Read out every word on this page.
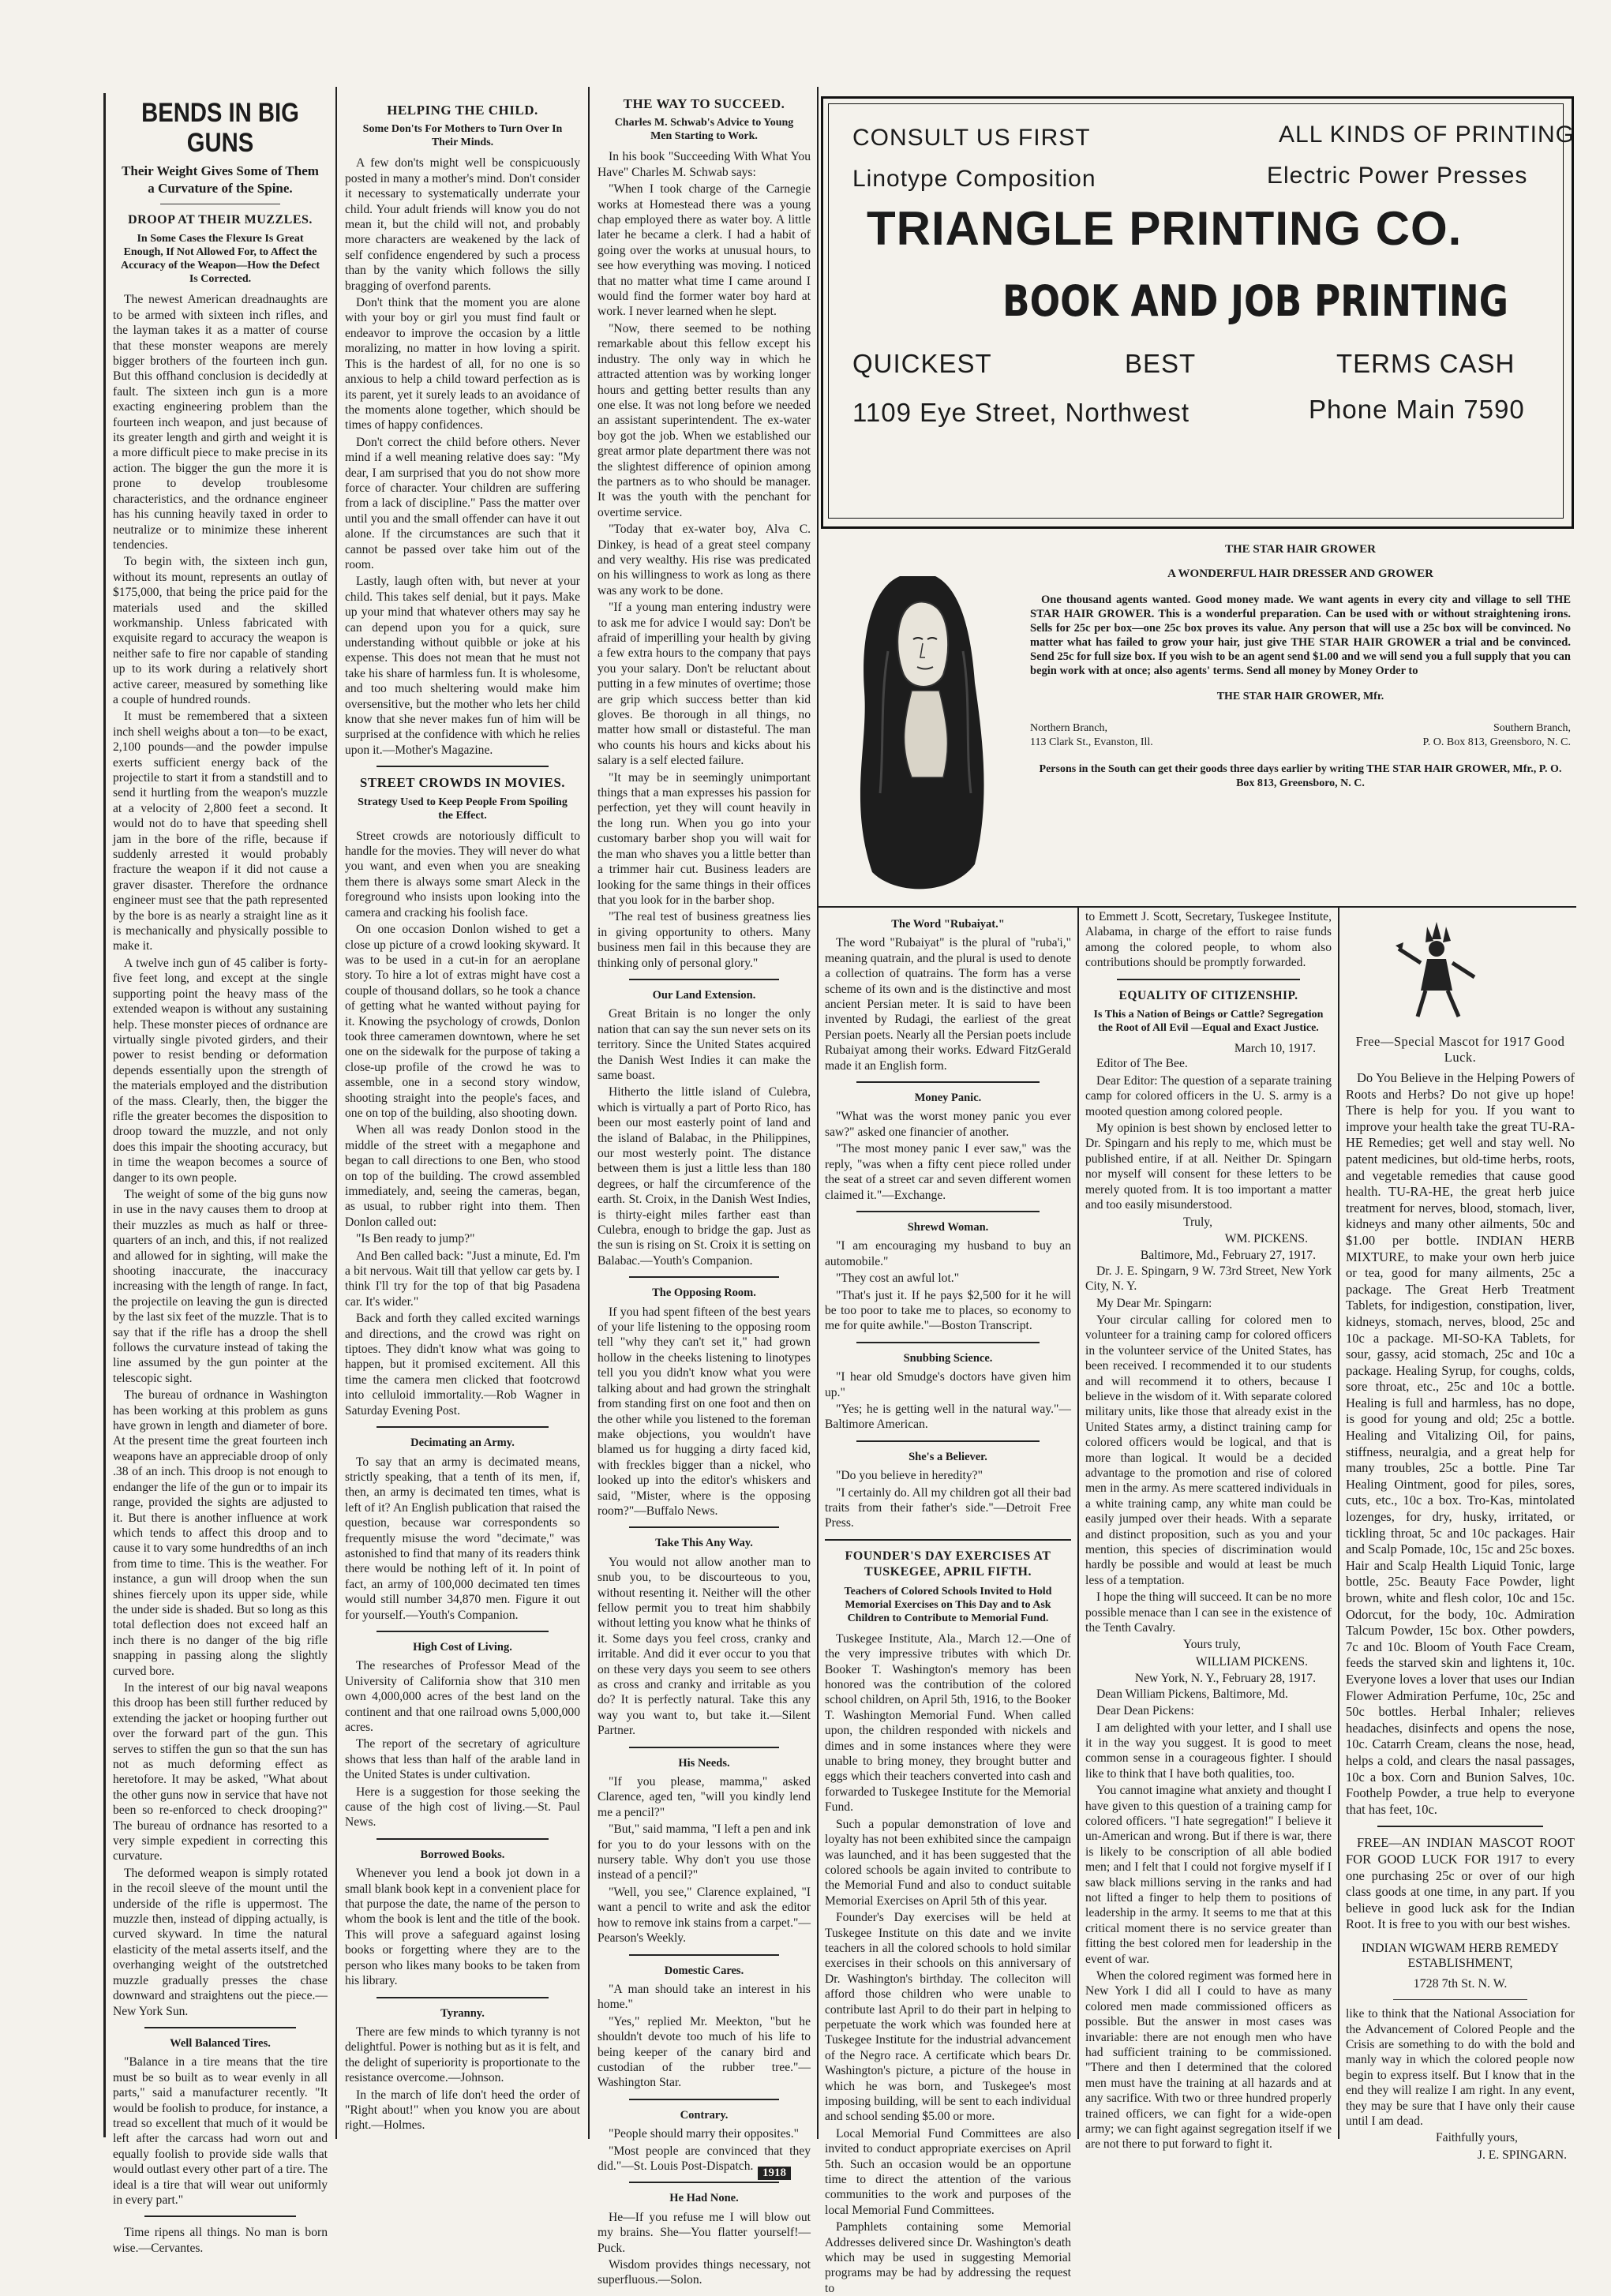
BENDS IN BIG GUNS
Their Weight Gives Some of Them a Curvature of the Spine.
DROOP AT THEIR MUZZLES.
In Some Cases the Flexure Is Great Enough, If Not Allowed For, to Affect the Accuracy of the Weapon—How the Defect Is Corrected.

The newest American dreadnaughts are to be armed with sixteen inch rifles, and the layman takes it as a matter of course that these monster weapons are merely bigger brothers of the fourteen inch gun. But this offhand conclusion is decidedly at fault. The sixteen inch gun is a more exacting engineering problem than the fourteen inch weapon, and just because of its greater length and girth and weight it is a more difficult piece to make precise in its action. The bigger the gun the more it is prone to develop troublesome characteristics, and the ordnance engineer has his cunning heavily taxed in order to neutralize or to minimize these inherent tendencies.

To begin with, the sixteen inch gun, without its mount, represents an outlay of $175,000, that being the price paid for the materials used and the skilled workmanship. Unless fabricated with exquisite regard to accuracy the weapon is neither safe to fire nor capable of standing up to its work during a relatively short active career, measured by something like a couple of hundred rounds.

It must be remembered that a sixteen inch shell weighs about a ton—to be exact, 2,100 pounds—and the powder impulse exerts sufficient energy back of the projectile to start it from a standstill and to send it hurtling from the weapon's muzzle at a velocity of 2,800 feet a second. It would not do to have that speeding shell jam in the bore of the rifle, because if suddenly arrested it would probably fracture the weapon if it did not cause a graver disaster. Therefore the ordnance engineer must see that the path represented by the bore is as nearly a straight line as it is mechanically and physically possible to make it.

A twelve inch gun of 45 caliber is forty-five feet long, and except at the single supporting point the heavy mass of the extended weapon is without any sustaining help. These monster pieces of ordnance are virtually single pivoted girders, and their power to resist bending or deformation depends essentially upon the strength of the materials employed and the distribution of the mass. Clearly, then, the bigger the rifle the greater becomes the disposition to droop toward the muzzle, and not only does this impair the shooting accuracy, but in time the weapon becomes a source of danger to its own people.

The weight of some of the big guns now in use in the navy causes them to droop at their muzzles as much as half or three-quarters of an inch, and this, if not realized and allowed for in sighting, will make the shooting inaccurate, the inaccuracy increasing with the length of range. In fact, the projectile on leaving the gun is directed by the last six feet of the muzzle. That is to say that if the rifle has a droop the shell follows the curvature instead of taking the line assumed by the gun pointer at the telescopic sight.

The bureau of ordnance in Washington has been working at this problem as guns have grown in length and diameter of bore. At the present time the great fourteen inch weapons have an appreciable droop of only .38 of an inch. This droop is not enough to endanger the life of the gun or to impair its range, provided the sights are adjusted to it. But there is another influence at work which tends to affect this droop and to cause it to vary some hundredths of an inch from time to time. This is the weather. For instance, a gun will droop when the sun shines fiercely upon its upper side, while the under side is shaded. But so long as this total deflection does not exceed half an inch there is no danger of the big rifle snapping in passing along the slightly curved bore.

In the interest of our big naval weapons this droop has been still further reduced by extending the jacket or hooping further out over the forward part of the gun. This serves to stiffen the gun so that the sun has not as much deforming effect as heretofore. It may be asked, "What about the other guns now in service that have not been so re-enforced to check drooping?" The bureau of ordnance has resorted to a very simple expedient in correcting this curvature.

The deformed weapon is simply rotated in the recoil sleeve of the mount until the underside of the rifle is uppermost. The muzzle then, instead of dipping actually, is curved skyward. In time the natural elasticity of the metal asserts itself, and the overhanging weight of the outstretched muzzle gradually presses the chase downward and straightens out the piece.—New York Sun.

Well Balanced Tires.

"Balance in a tire means that the tire must be so built as to wear evenly in all parts," said a manufacturer recently. "It would be foolish to produce, for instance, a tread so excellent that much of it would be left after the carcass had worn out and equally foolish to provide side walls that would outlast every other part of a tire. The ideal is a tire that will wear out uniformly in every part."

Time ripens all things. No man is born wise.—Cervantes.

HELPING THE CHILD.
Some Don'ts For Mothers to Turn Over In Their Minds.

A few don'ts might well be conspicuously posted in many a mother's mind. Don't consider it necessary to systematically underrate your child. Your adult friends will know you do not mean it, but the child will not, and probably more characters are weakened by the lack of self confidence engendered by such a process than by the vanity which follows the silly bragging of overfond parents.

Don't think that the moment you are alone with your boy or girl you must find fault or endeavor to improve the occasion by a little moralizing, no matter in how loving a spirit. This is the hardest of all, for no one is so anxious to help a child toward perfection as is its parent, yet it surely leads to an avoidance of the moments alone together, which should be times of happy confidences.

Don't correct the child before others. Never mind if a well meaning relative does say: "My dear, I am surprised that you do not show more force of character. Your children are suffering from a lack of discipline." Pass the matter over until you and the small offender can have it out alone. If the circumstances are such that it cannot be passed over take him out of the room.

Lastly, laugh often with, but never at your child. This takes self denial, but it pays. Make up your mind that whatever others may say he can depend upon you for a quick, sure understanding without quibble or joke at his expense. This does not mean that he must not take his share of harmless fun. It is wholesome, and too much sheltering would make him oversensitive, but the mother who lets her child know that she never makes fun of him will be surprised at the confidence with which he relies upon it.—Mother's Magazine.

STREET CROWDS IN MOVIES.
Strategy Used to Keep People From Spoiling the Effect.

Street crowds are notoriously difficult to handle for the movies. They will never do what you want, and even when you are sneaking them there is always some smart Aleck in the foreground who insists upon looking into the camera and cracking his foolish face.

On one occasion Donlon wished to get a close up picture of a crowd looking skyward. It was to be used in a cut-in for an aeroplane story. To hire a lot of extras might have cost a couple of thousand dollars, so he took a chance of getting what he wanted without paying for it. Knowing the psychology of crowds, Donlon took three cameramen downtown, where he set one on the sidewalk for the purpose of taking a close-up profile of the crowd he was to assemble, one in a second story window, shooting straight into the people's faces, and one on top of the building, also shooting down.

When all was ready Donlon stood in the middle of the street with a megaphone and began to call directions to one Ben, who stood on top of the building. The crowd assembled immediately, and, seeing the cameras, began, as usual, to rubber right into them. Then Donlon called out:

"Is Ben ready to jump?"

And Ben called back: "Just a minute, Ed. I'm a bit nervous. Wait till that yellow car gets by. I think I'll try for the top of that big Pasadena car. It's wider."

Back and forth they called excited warnings and directions, and the crowd was right on tiptoes. They didn't know what was going to happen, but it promised excitement. All this time the camera men clicked that footcrowd into celluloid immortality.—Rob Wagner in Saturday Evening Post.

Decimating an Army.

To say that an army is decimated means, strictly speaking, that a tenth of its men, if, then, an army is decimated ten times, what is left of it? An English publication that raised the question, because war correspondents so frequently misuse the word "decimate," was astonished to find that many of its readers think there would be nothing left of it. In point of fact, an army of 100,000 decimated ten times would still number 34,870 men. Figure it out for yourself.—Youth's Companion.

High Cost of Living.

The researches of Professor Mead of the University of California show that 310 men own 4,000,000 acres of the best land on the continent and that one railroad owns 5,000,000 acres.

The report of the secretary of agriculture shows that less than half of the arable land in the United States is under cultivation.

Here is a suggestion for those seeking the cause of the high cost of living.—St. Paul News.

Borrowed Books.

Whenever you lend a book jot down in a small blank book kept in a convenient place for that purpose the date, the name of the person to whom the book is lent and the title of the book. This will prove a safeguard against losing books or forgetting where they are to the person who likes many books to be taken from his library.

Tyranny.

There are few minds to which tyranny is not delightful. Power is nothing but as it is felt, and the delight of superiority is proportionate to the resistance overcome.—Johnson.

In the march of life don't heed the order of "Right about!" when you know you are about right.—Holmes.

THE WAY TO SUCCEED.
Charles M. Schwab's Advice to Young Men Starting to Work.

In his book "Succeeding With What You Have" Charles M. Schwab says:

"When I took charge of the Carnegie works at Homestead there was a young chap employed there as water boy. A little later he became a clerk. I had a habit of going over the works at unusual hours, to see how everything was moving. I noticed that no matter what time I came around I would find the former water boy hard at work. I never learned when he slept.

"Now, there seemed to be nothing remarkable about this fellow except his industry. The only way in which he attracted attention was by working longer hours and getting better results than any one else. It was not long before we needed an assistant superintendent. The ex-water boy got the job. When we established our great armor plate department there was not the slightest difference of opinion among the partners as to who should be manager. It was the youth with the penchant for overtime service.

"Today that ex-water boy, Alva C. Dinkey, is head of a great steel company and very wealthy. His rise was predicated on his willingness to work as long as there was any work to be done.

"If a young man entering industry were to ask me for advice I would say: Don't be afraid of imperilling your health by giving a few extra hours to the company that pays you your salary. Don't be reluctant about putting in a few minutes of overtime; those are grip which success better than kid gloves. Be thorough in all things, no matter how small or distasteful. The man who counts his hours and kicks about his salary is a self elected failure.

"It may be in seemingly unimportant things that a man expresses his passion for perfection, yet they will count heavily in the long run. When you go into your customary barber shop you will wait for the man who shaves you a little better than a trimmer hair cut. Business leaders are looking for the same things in their offices that you look for in the barber shop.

"The real test of business greatness lies in giving opportunity to others. Many business men fail in this because they are thinking only of personal glory."

Our Land Extension.

Great Britain is no longer the only nation that can say the sun never sets on its territory. Since the United States acquired the Danish West Indies it can make the same boast.

Hitherto the little island of Culebra, which is virtually a part of Porto Rico, has been our most easterly point of land and the island of Balabac, in the Philippines, our most westerly point. The distance between them is just a little less than 180 degrees, or half the circumference of the earth. St. Croix, in the Danish West Indies, is thirty-eight miles farther east than Culebra, enough to bridge the gap. Just as the sun is rising on St. Croix it is setting on Balabac.—Youth's Companion.

The Opposing Room.

If you had spent fifteen of the best years of your life listening to the opposing room tell "why they can't set it," had grown hollow in the cheeks listening to linotypes tell you you didn't know what you were talking about and had grown the stringhalt from standing first on one foot and then on the other while you listened to the foreman make objections, you wouldn't have blamed us for hugging a dirty faced kid, with freckles bigger than a nickel, who looked up into the editor's whiskers and said, "Mister, where is the opposing room?"—Buffalo News.

Take This Any Way.

You would not allow another man to snub you, to be discourteous to you, without resenting it. Neither will the other fellow permit you to treat him shabbily without letting you know what he thinks of it. Some days you feel cross, cranky and irritable. And did it ever occur to you that on these very days you seem to see others as cross and cranky and irritable as you do? It is perfectly natural. Take this any way you want to, but take it.—Silent Partner.

His Needs.

"If you please, mamma," asked Clarence, aged ten, "will you kindly lend me a pencil?"

"But," said mamma, "I left a pen and ink for you to do your lessons with on the nursery table. Why don't you use those instead of a pencil?"

"Well, you see," Clarence explained, "I want a pencil to write and ask the editor how to remove ink stains from a carpet."—Pearson's Weekly.

Domestic Cares.

"A man should take an interest in his home."

"Yes," replied Mr. Meekton, "but he shouldn't devote too much of his life to being keeper of the canary bird and custodian of the rubber tree."—Washington Star.

Contrary.

"People should marry their opposites."

"Most people are convinced that they did."—St. Louis Post-Dispatch.

He Had None.

He—If you refuse me I will blow out my brains. She—You flatter yourself!—Puck.

Wisdom provides things necessary, not superfluous.—Solon.

CONSULT US FIRST	ALL KINDS OF PRINTING
Linotype Composition	Electric Power Presses
TRIANGLE PRINTING CO.
BOOK AND JOB PRINTING
QUICKEST	BEST	TERMS CASH
1109 Eye Street, Northwest	Phone Main 7590
THE STAR HAIR GROWER
A WONDERFUL HAIR DRESSER AND GROWER
One thousand agents wanted. Good money made. We want agents in every city and village to sell THE STAR HAIR GROWER. This is a wonderful preparation. Can be used with or without straightening irons. Sells for 25c per box—one 25c box proves its value. Any person that will use a 25c box will be convinced. No matter what has failed to grow your hair, just give THE STAR HAIR GROWER a trial and be convinced. Send 25c for full size box. If you wish to be an agent send $1.00 and we will send you a full supply that you can begin work with at once; also agents' terms. Send all money by Money Order to
THE STAR HAIR GROWER, Mfr.
Northern Branch,
113 Clark St., Evanston, Ill.
Southern Branch,
P. O. Box 813, Greensboro, N. C.
Persons in the South can get their goods three days earlier by writing THE STAR HAIR GROWER, Mfr., P. O. Box 813, Greensboro, N. C.
The Word "Rubaiyat."

The word "Rubaiyat" is the plural of "ruba'i," meaning quatrain, and the plural is used to denote a collection of quatrains. The form has a verse scheme of its own and is the distinctive and most ancient Persian meter. It is said to have been invented by Rudagi, the earliest of the great Persian poets. Nearly all the Persian poets include Rubaiyat among their works. Edward FitzGerald made it an English form.

Money Panic.

"What was the worst money panic you ever saw?" asked one financier of another.

"The most money panic I ever saw," was the reply, "was when a fifty cent piece rolled under the seat of a street car and seven different women claimed it."—Exchange.

Shrewd Woman.

"I am encouraging my husband to buy an automobile."

"They cost an awful lot."

"That's just it. If he pays $2,500 for it he will be too poor to take me to places, so economy to me for quite awhile."—Boston Transcript.

Snubbing Science.

"I hear old Smudge's doctors have given him up."

"Yes; he is getting well in the natural way."—Baltimore American.

She's a Believer.

"Do you believe in heredity?"

"I certainly do. All my children got all their bad traits from their father's side."—Detroit Free Press.

FOUNDER'S DAY EXERCISES AT TUSKEGEE, APRIL FIFTH.
Teachers of Colored Schools Invited to Hold Memorial Exercises on This Day and to Ask Children to Contribute to Memorial Fund.

Tuskegee Institute, Ala., March 12.—One of the very impressive tributes with which Dr. Booker T. Washington's memory has been honored was the contribution of the colored school children, on April 5th, 1916, to the Booker T. Washington Memorial Fund. When called upon, the children responded with nickels and dimes and in some instances where they were unable to bring money, they brought butter and eggs which their teachers converted into cash and forwarded to Tuskegee Institute for the Memorial Fund.

Such a popular demonstration of love and loyalty has not been exhibited since the campaign was launched, and it has been suggested that the colored schools be again invited to contribute to the Memorial Fund and also to conduct suitable Memorial Exercises on April 5th of this year.

Founder's Day exercises will be held at Tuskegee Institute on this date and we invite teachers in all the colored schools to hold similar exercises in their schools on this anniversary of Dr. Washington's birthday. The colleciton will afford those children who were unable to contribute last April to do their part in helping to perpetuate the work which was founded here at Tuskegee Institute for the industrial advancement of the Negro race. A certificate which bears Dr. Washington's picture, a picture of the house in which he was born, and Tuskegee's most imposing building, will be sent to each individual and school sending $5.00 or more.

Local Memorial Fund Committees are also invited to conduct appropriate exercises on April 5th. Such an occasion would be an opportune time to direct the attention of the various communities to the work and purposes of the local Memorial Fund Committees.

Pamphlets containing some Memorial Addresses delivered since Dr. Washington's death which may be used in suggesting Memorial programs may be had by addressing the request to

to Emmett J. Scott, Secretary, Tuskegee Institute, Alabama, in charge of the effort to raise funds among the colored people, to whom also contributions should be promptly forwarded.

EQUALITY OF CITIZENSHIP.
Is This a Nation of Beings or Cattle? Segregation the Root of All Evil —Equal and Exact Justice.
March 10, 1917.

Editor of The Bee.

Dear Editor: The question of a separate training camp for colored officers in the U. S. army is a mooted question among colored people.

My opinion is best shown by enclosed letter to Dr. Spingarn and his reply to me, which must be published entire, if at all. Neither Dr. Spingarn nor myself will consent for these letters to be merely quoted from. It is too important a matter and too easily misunderstood.

Truly,

WM. PICKENS.

Baltimore, Md., February 27, 1917.

Dr. J. E. Spingarn, 9 W. 73rd Street, New York City, N. Y.

My Dear Mr. Spingarn:

Your circular calling for colored men to volunteer for a training camp for colored officers in the volunteer service of the United States, has been received. I recommended it to our students and will recommend it to others, because I believe in the wisdom of it. With separate colored military units, like those that already exist in the United States army, a distinct training camp for colored officers would be logical, and that is more than logical. It would be a decided advantage to the promotion and rise of colored men in the army. As mere scattered individuals in a white training camp, any white man could be easily jumped over their heads. With a separate and distinct proposition, such as you and your mention, this species of discrimination would hardly be possible and would at least be much less of a temptation.

I hope the thing will succeed. It can be no more possible menace than I can see in the existence of the Tenth Cavalry.

Yours truly,

WILLIAM PICKENS.

New York, N. Y., February 28, 1917.

Dean William Pickens, Baltimore, Md.

Dear Dean Pickens:

I am delighted with your letter, and I shall use it in the way you suggest. It is good to meet common sense in a courageous fighter. I should like to think that I have both qualities, too.

You cannot imagine what anxiety and thought I have given to this question of a training camp for colored officers. "I hate segregation!" I believe it un-American and wrong. But if there is war, there is likely to be conscription of all able bodied men; and I felt that I could not forgive myself if I saw black millions serving in the ranks and had not lifted a finger to help them to positions of leadership in the army. It seems to me that at this critical moment there is no service greater than fitting the best colored men for leadership in the event of war.

When the colored regiment was formed here in New York I did all I could to have as many colored men made commissioned officers as possible. But the answer in most cases was invariable: there are not enough men who have had sufficient training to be commissioned. "There and then I determined that the colored men must have the training at all hazards and at any sacrifice. With two or three hundred properly trained officers, we can fight for a wide-open army; we can fight against segregation itself if we are not there to put forward to fight it.

Free—Special Mascot for 1917 Good Luck.

Do You Believe in the Helping Powers of Roots and Herbs? Do not give up hope! There is help for you. If you want to improve your health take the great TU-RA-HE Remedies; get well and stay well. No patent medicines, but old-time herbs, roots, and vegetable remedies that cause good health. TU-RA-HE, the great herb juice treatment for nerves, blood, stomach, liver, kidneys and many other ailments, 50c and $1.00 per bottle. INDIAN HERB MIXTURE, to make your own herb juice or tea, good for many ailments, 25c a package. The Great Herb Treatment Tablets, for indigestion, constipation, liver, kidneys, stomach, nerves, blood, 25c and 10c a package. MI-SO-KA Tablets, for sour, gassy, acid stomach, 25c and 10c a package. Healing Syrup, for coughs, colds, sore throat, etc., 25c and 10c a bottle. Healing is full and harmless, has no dope, is good for young and old; 25c a bottle. Healing and Vitalizing Oil, for pains, stiffness, neuralgia, and a great help for many troubles, 25c a bottle. Pine Tar Healing Ointment, good for piles, sores, cuts, etc., 10c a box. Tro-Kas, mintolated lozenges, for dry, husky, irritated, or tickling throat, 5c and 10c packages. Hair and Scalp Pomade, 10c, 15c and 25c boxes. Hair and Scalp Health Liquid Tonic, large bottle, 25c. Beauty Face Powder, light brown, white and flesh color, 10c and 15c. Odorcut, for the body, 10c. Admiration Talcum Powder, 15c box. Other powders, 7c and 10c. Bloom of Youth Face Cream, feeds the starved skin and lightens it, 10c. Everyone loves a lover that uses our Indian Flower Admiration Perfume, 10c, 25c and 50c bottles. Herbal Inhaler; relieves headaches, disinfects and opens the nose, 10c. Catarrh Cream, cleans the nose, head, helps a cold, and clears the nasal passages, 10c a box. Corn and Bunion Salves, 10c. Foothelp Powder, a true help to everyone that has feet, 10c.

FREE—AN INDIAN MASCOT ROOT FOR GOOD LUCK FOR 1917 to every one purchasing 25c or over of our high class goods at one time, in any part. If you believe in good luck ask for the Indian Root. It is free to you with our best wishes.

INDIAN WIGWAM HERB REMEDY ESTABLISHMENT,
1728 7th St. N. W.

like to think that the National Association for the Advancement of Colored People and the Crisis are something to do with the bold and manly way in which the colored people now begin to express itself. But I know that in the end they will realize I am right. In any event, they may be sure that I have only their cause until I am dead.

Faithfully yours,

J. E. SPINGARN.

1918
